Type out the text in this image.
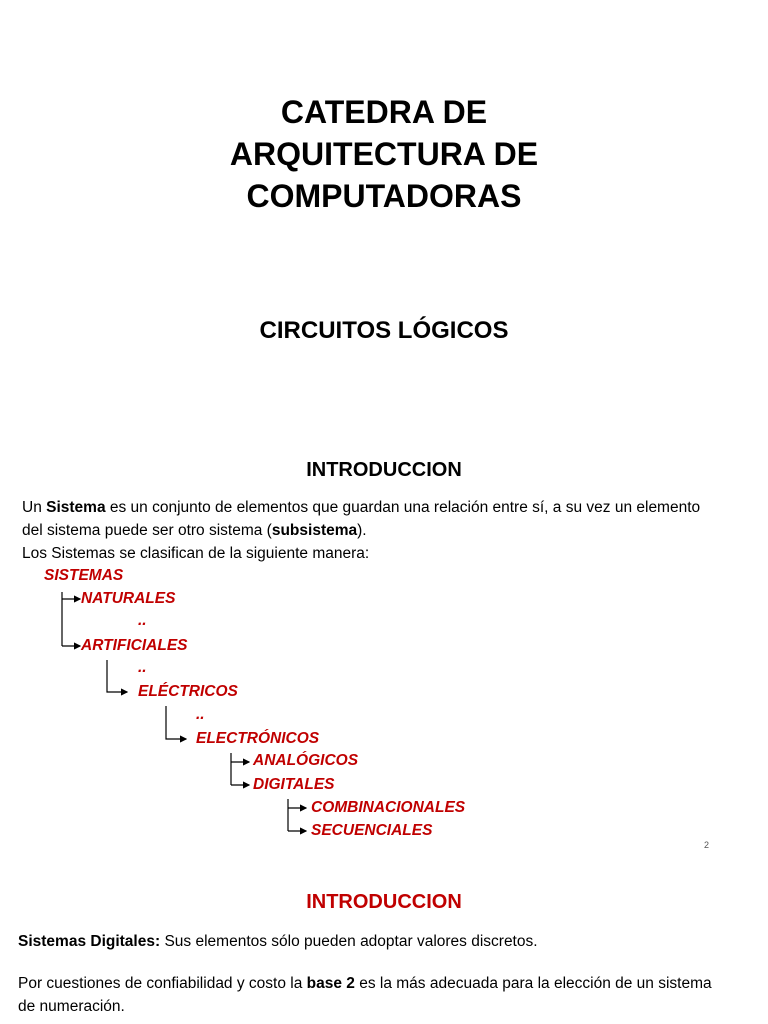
CATEDRA DE
ARQUITECTURA DE
COMPUTADORAS
CIRCUITOS LÓGICOS
INTRODUCCION
Un Sistema es un conjunto de elementos que guardan una relación entre sí, a su vez un elemento
del sistema puede ser otro sistema (subsistema).
Los Sistemas se clasifican de la siguiente manera:
SISTEMAS
NATURALES
..
ARTIFICIALES
..
ELÉCTRICOS
..
ELECTRÓNICOS
ANALÓGICOS
DIGITALES
COMBINACIONALES
SECUENCIALES
2
INTRODUCCION
Sistemas Digitales: Sus elementos sólo pueden adoptar valores discretos.
Por cuestiones de confiabilidad y costo la base 2 es la más adecuada para la elección de un sistema
de numeración.
